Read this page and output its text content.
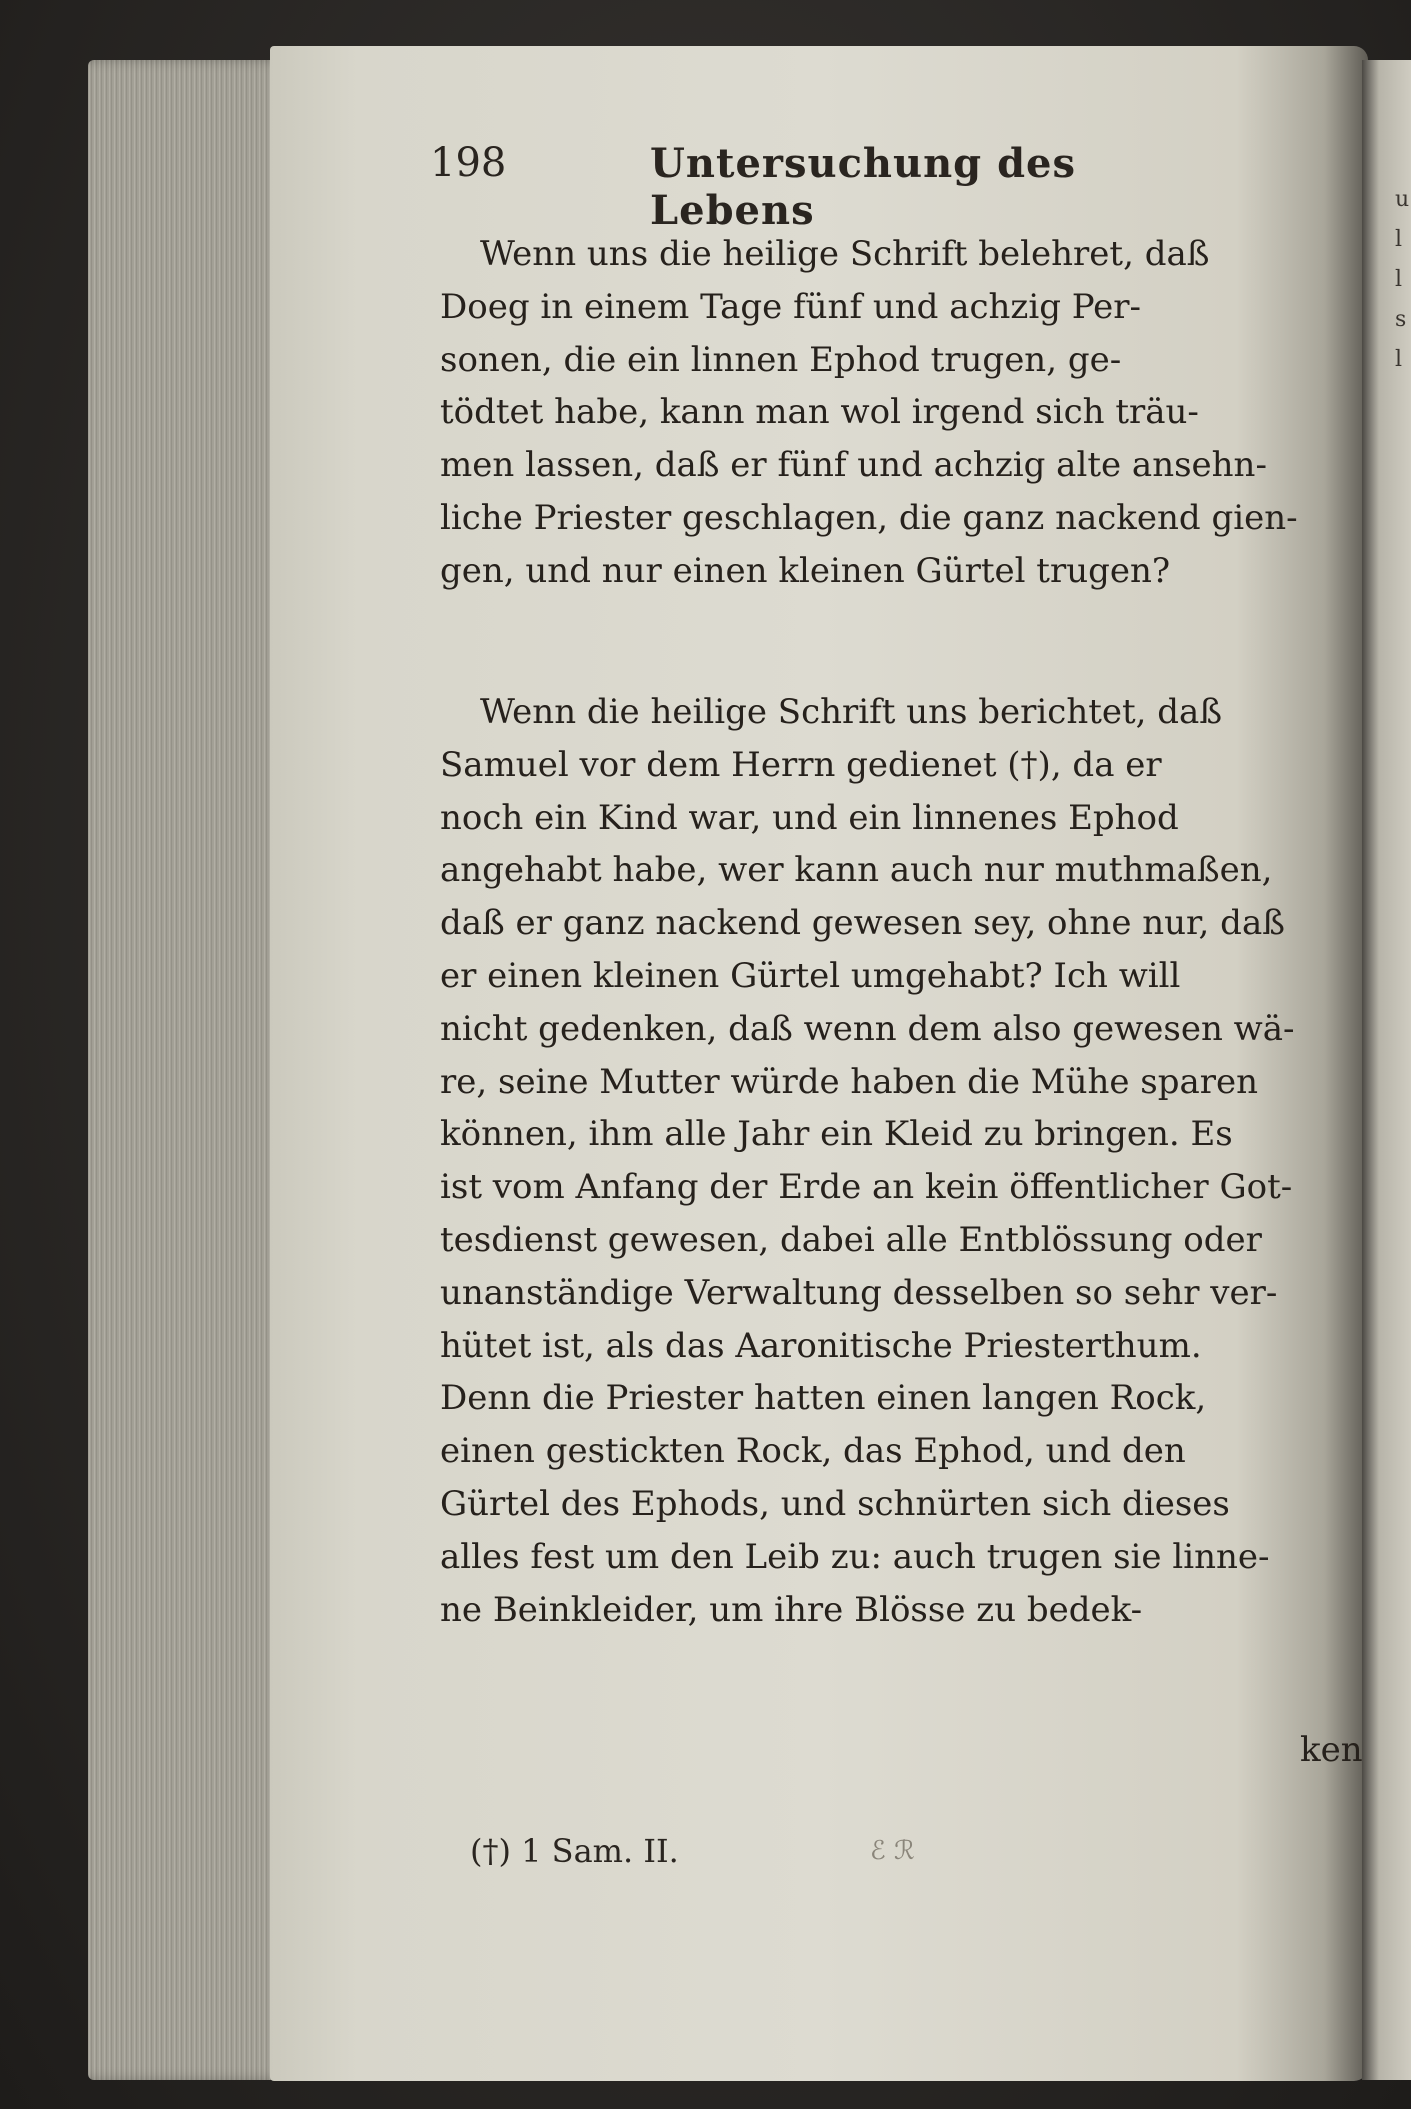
u l l s l
198	Untersuchung des Lebens
Wenn uns die heilige Schrift belehret, daß
Doeg in einem Tage fünf und achzig Per-
sonen, die ein linnen Ephod trugen, ge-
tödtet habe, kann man wol irgend sich träu-
men lassen, daß er fünf und achzig alte ansehn-
liche Priester geschlagen, die ganz nackend gien-
gen, und nur einen kleinen Gürtel trugen?
Wenn die heilige Schrift uns berichtet, daß
Samuel vor dem Herrn gedienet (†), da er
noch ein Kind war, und ein linnenes Ephod
angehabt habe, wer kann auch nur muthmaßen,
daß er ganz nackend gewesen sey, ohne nur, daß
er einen kleinen Gürtel umgehabt? Ich will
nicht gedenken, daß wenn dem also gewesen wä-
re, seine Mutter würde haben die Mühe sparen
können, ihm alle Jahr ein Kleid zu bringen. Es
ist vom Anfang der Erde an kein öffentlicher Got-
tesdienst gewesen, dabei alle Entblössung oder
unanständige Verwaltung desselben so sehr ver-
hütet ist, als das Aaronitische Priesterthum.
Denn die Priester hatten einen langen Rock,
einen gestickten Rock, das Ephod, und den
Gürtel des Ephods, und schnürten sich dieses
alles fest um den Leib zu: auch trugen sie linne-
ne Beinkleider, um ihre Blösse zu bedek-
ken
(†) 1 Sam. II.	ℰ ℛ
